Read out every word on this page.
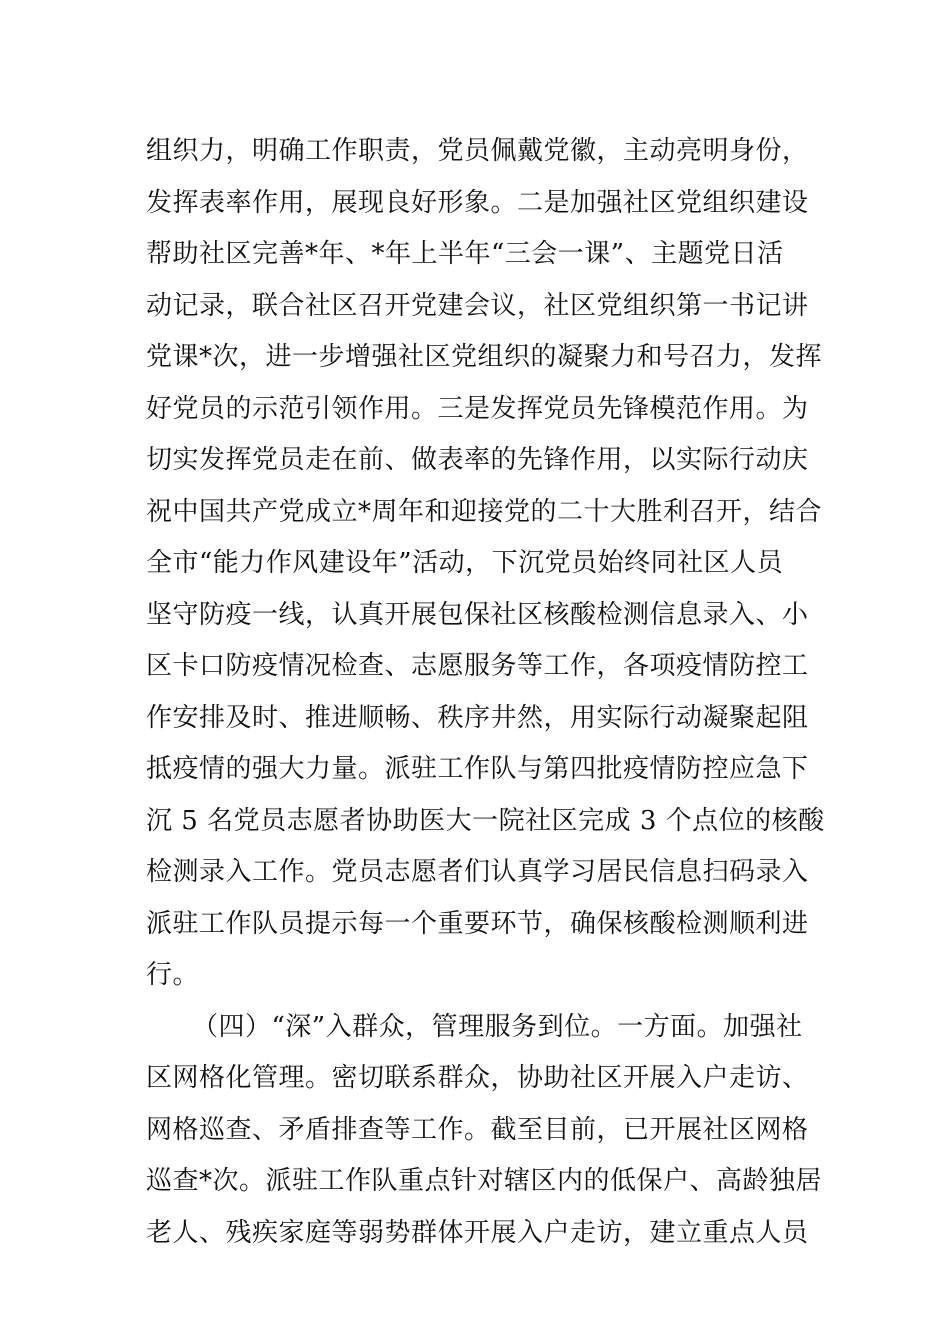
组织力，明确工作职责，党员佩戴党徽，主动亮明身份，
发挥表率作用，展现良好形象。二是加强社区党组织建设
帮助社区完善*年、*年上半年“三会一课”、主题党日活
动记录，联合社区召开党建会议，社区党组织第一书记讲
党课*次，进一步增强社区党组织的凝聚力和号召力，发挥
好党员的示范引领作用。三是发挥党员先锋模范作用。为
切实发挥党员走在前、做表率的先锋作用，以实际行动庆
祝中国共产党成立*周年和迎接党的二十大胜利召开，结合
全市“能力作风建设年”活动，下沉党员始终同社区人员
坚守防疫一线，认真开展包保社区核酸检测信息录入、小
区卡口防疫情况检查、志愿服务等工作，各项疫情防控工
作安排及时、推进顺畅、秩序井然，用实际行动凝聚起阻
抵疫情的强大力量。派驻工作队与第四批疫情防控应急下
沉 5 名党员志愿者协助医大一院社区完成 3 个点位的核酸
检测录入工作。党员志愿者们认真学习居民信息扫码录入
派驻工作队员提示每一个重要环节，确保核酸检测顺利进
行。
（四）“深”入群众，管理服务到位。一方面。加强社
区网格化管理。密切联系群众，协助社区开展入户走访、
网格巡查、矛盾排查等工作。截至目前，已开展社区网格
巡查*次。派驻工作队重点针对辖区内的低保户、高龄独居
老人、残疾家庭等弱势群体开展入户走访，建立重点人员
